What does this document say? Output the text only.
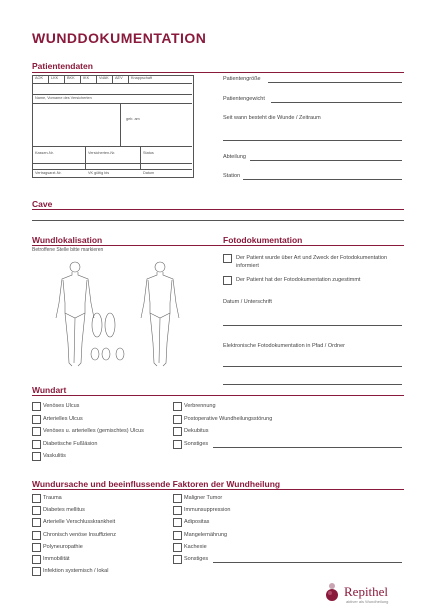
WUNDDOKUMENTATION
Patientendaten
AOK LKK BKK IKK	VdAK AEV Knappschaft
Name, Vorname des Versicherten
geb. am
Kassen-Nr.	Versicherten-Nr.	Status
Vertragsarzt-Nr.	VK gültig bis	Datum
Patientengröße
Patientengewicht
Seit wann besteht die Wunde / Zeitraum
Abteilung
Station
Cave
Wundlokalisation
Betroffene Stelle bitte markieren
Fotodokumentation
Der Patient wurde über Art und Zweck der Fotodokumentation informiert
Der Patient hat der Fotodokumentation zugestimmt
Datum / Unterschrift
Elektronische Fotodokumentation in Pfad / Ordner
Wundart
Venöses Ulcus
Arterielles Ulcus
Venöses u. arterielles (gemischtes) Ulcus
Diabetische Fußläsion
Vaskulitis
Verbrennung
Postoperative Wundheilungsstörung
Dekubitus
Sonstiges
Wundursache und beeinflussende Faktoren der Wundheilung
Trauma
Diabetes mellitus
Arterielle Verschlusskrankheit
Chronisch venöse Insuffizienz
Polyneuropathie
Immobilität
Infektion systemisch / lokal
Maligner Tumor
Immunsuppression
Adipositas
Mangelernährung
Kachexie
Sonstiges
Repithel
aktiver als Wundheilung
